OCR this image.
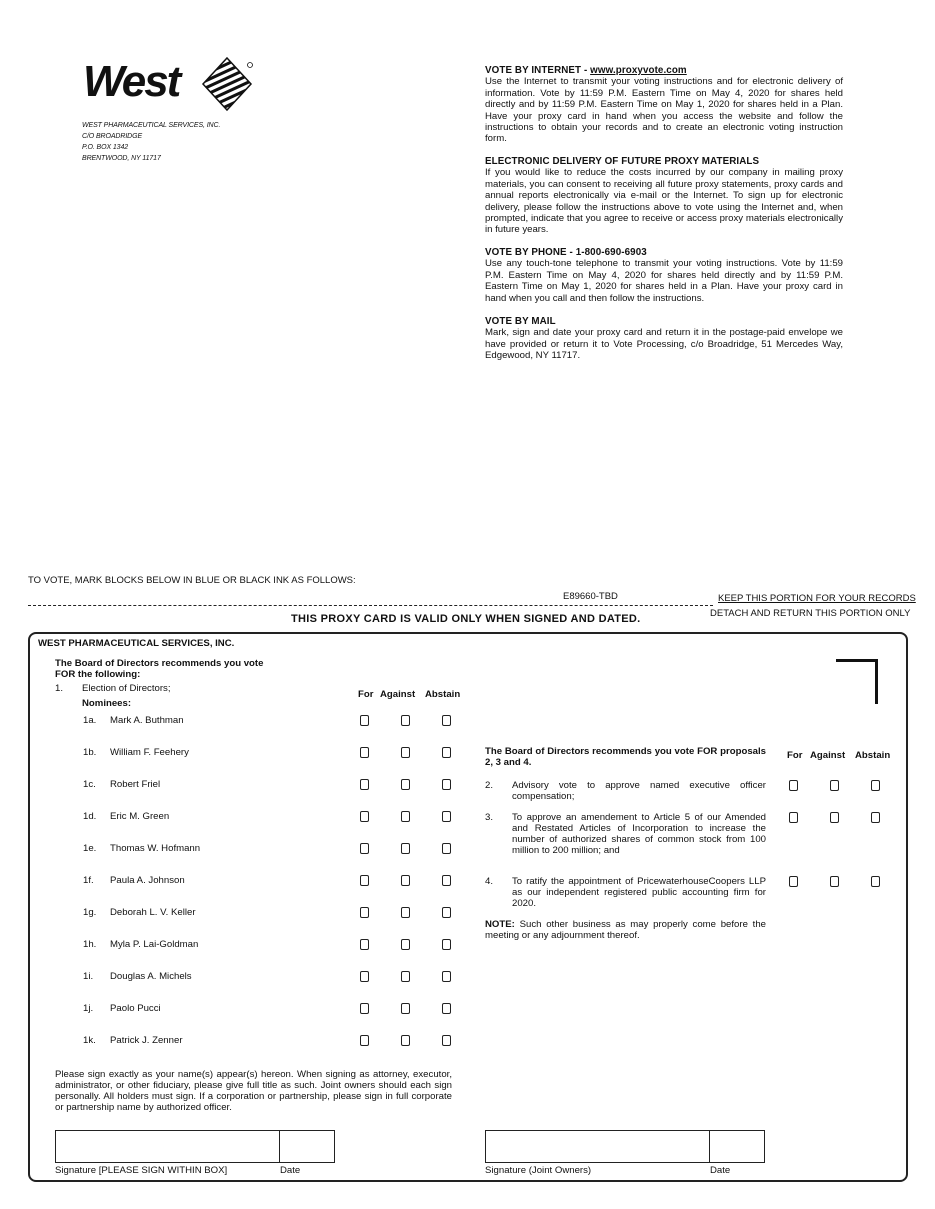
West
WEST PHARMACEUTICAL SERVICES, INC.
C/O BROADRIDGE
P.O. BOX 1342
BRENTWOOD, NY 11717
VOTE BY INTERNET - www.proxyvote.com

Use the Internet to transmit your voting instructions and for electronic delivery of information. Vote by 11:59 P.M. Eastern Time on May 4, 2020 for shares held directly and by 11:59 P.M. Eastern Time on May 1, 2020 for shares held in a Plan. Have your proxy card in hand when you access the website and follow the instructions to obtain your records and to create an electronic voting instruction form.

ELECTRONIC DELIVERY OF FUTURE PROXY MATERIALS

If you would like to reduce the costs incurred by our company in mailing proxy materials, you can consent to receiving all future proxy statements, proxy cards and annual reports electronically via e-mail or the Internet. To sign up for electronic delivery, please follow the instructions above to vote using the Internet and, when prompted, indicate that you agree to receive or access proxy materials electronically in future years.

VOTE BY PHONE - 1-800-690-6903

Use any touch-tone telephone to transmit your voting instructions. Vote by 11:59 P.M. Eastern Time on May 4, 2020 for shares held directly and by 11:59 P.M. Eastern Time on May 1, 2020 for shares held in a Plan. Have your proxy card in hand when you call and then follow the instructions.

VOTE BY MAIL

Mark, sign and date your proxy card and return it in the postage-paid envelope we have provided or return it to Vote Processing, c/o Broadridge, 51 Mercedes Way, Edgewood, NY 11717.

TO VOTE, MARK BLOCKS BELOW IN BLUE OR BLACK INK AS FOLLOWS:
E89660-TBD	KEEP THIS PORTION FOR YOUR RECORDS
DETACH AND RETURN THIS PORTION ONLY
THIS PROXY CARD IS VALID ONLY WHEN SIGNED AND DATED.
WEST PHARMACEUTICAL SERVICES, INC.
The Board of Directors recommends you vote
FOR the following:
1. Election of Directors;
Nominees:
For Against Abstain
1a. Mark A. Buthman
1b. William F. Feehery
1c. Robert Friel
1d. Eric M. Green
1e. Thomas W. Hofmann
1f. Paula A. Johnson
1g. Deborah L. V. Keller
1h. Myla P. Lai-Goldman
1i. Douglas A. Michels
1j. Paolo Pucci
1k. Patrick J. Zenner
The Board of Directors recommends you vote FOR proposals 2, 3 and 4.
For Against Abstain
2. Advisory vote to approve named executive officer compensation;
3. To approve an amendement to Article 5 of our Amended and Restated Articles of Incorporation to increase the number of authorized shares of common stock from 100 million to 200 million; and
4. To ratify the appointment of PricewaterhouseCoopers LLP as our independent registered public accounting firm for 2020.
NOTE: Such other business as may properly come before the meeting or any adjournment thereof.
Please sign exactly as your name(s) appear(s) hereon. When signing as attorney, executor, administrator, or other fiduciary, please give full title as such. Joint owners should each sign personally. All holders must sign. If a corporation or partnership, please sign in full corporate or partnership name by authorized officer.
Signature [PLEASE SIGN WITHIN BOX]	Date	Signature (Joint Owners)	Date
